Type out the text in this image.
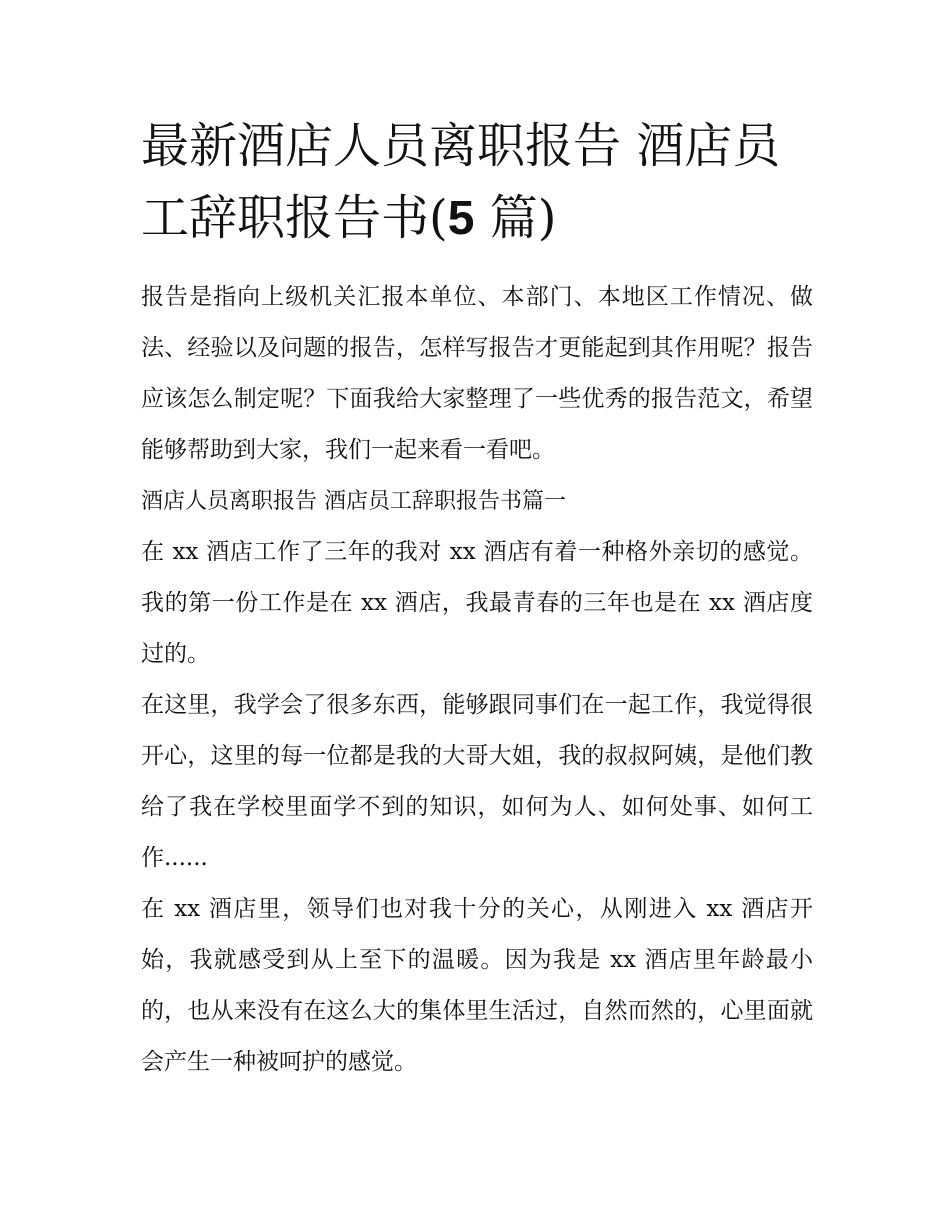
最新酒店人员离职报告 酒店员工辞职报告书(5 篇)

报告是指向上级机关汇报本单位、本部门、本地区工作情况、做法、经验以及问题的报告，怎样写报告才更能起到其作用呢？报告应该怎么制定呢？下面我给大家整理了一些优秀的报告范文，希望能够帮助到大家，我们一起来看一看吧。

酒店人员离职报告 酒店员工辞职报告书篇一

在 xx 酒店工作了三年的我对 xx 酒店有着一种格外亲切的感觉。我的第一份工作是在 xx 酒店，我最青春的三年也是在 xx 酒店度过的。

在这里，我学会了很多东西，能够跟同事们在一起工作，我觉得很开心，这里的每一位都是我的大哥大姐，我的叔叔阿姨，是他们教给了我在学校里面学不到的知识，如何为人、如何处事、如何工作......

在 xx 酒店里，领导们也对我十分的关心，从刚进入 xx 酒店开始，我就感受到从上至下的温暖。因为我是 xx 酒店里年龄最小的，也从来没有在这么大的集体里生活过，自然而然的，心里面就会产生一种被呵护的感觉。
